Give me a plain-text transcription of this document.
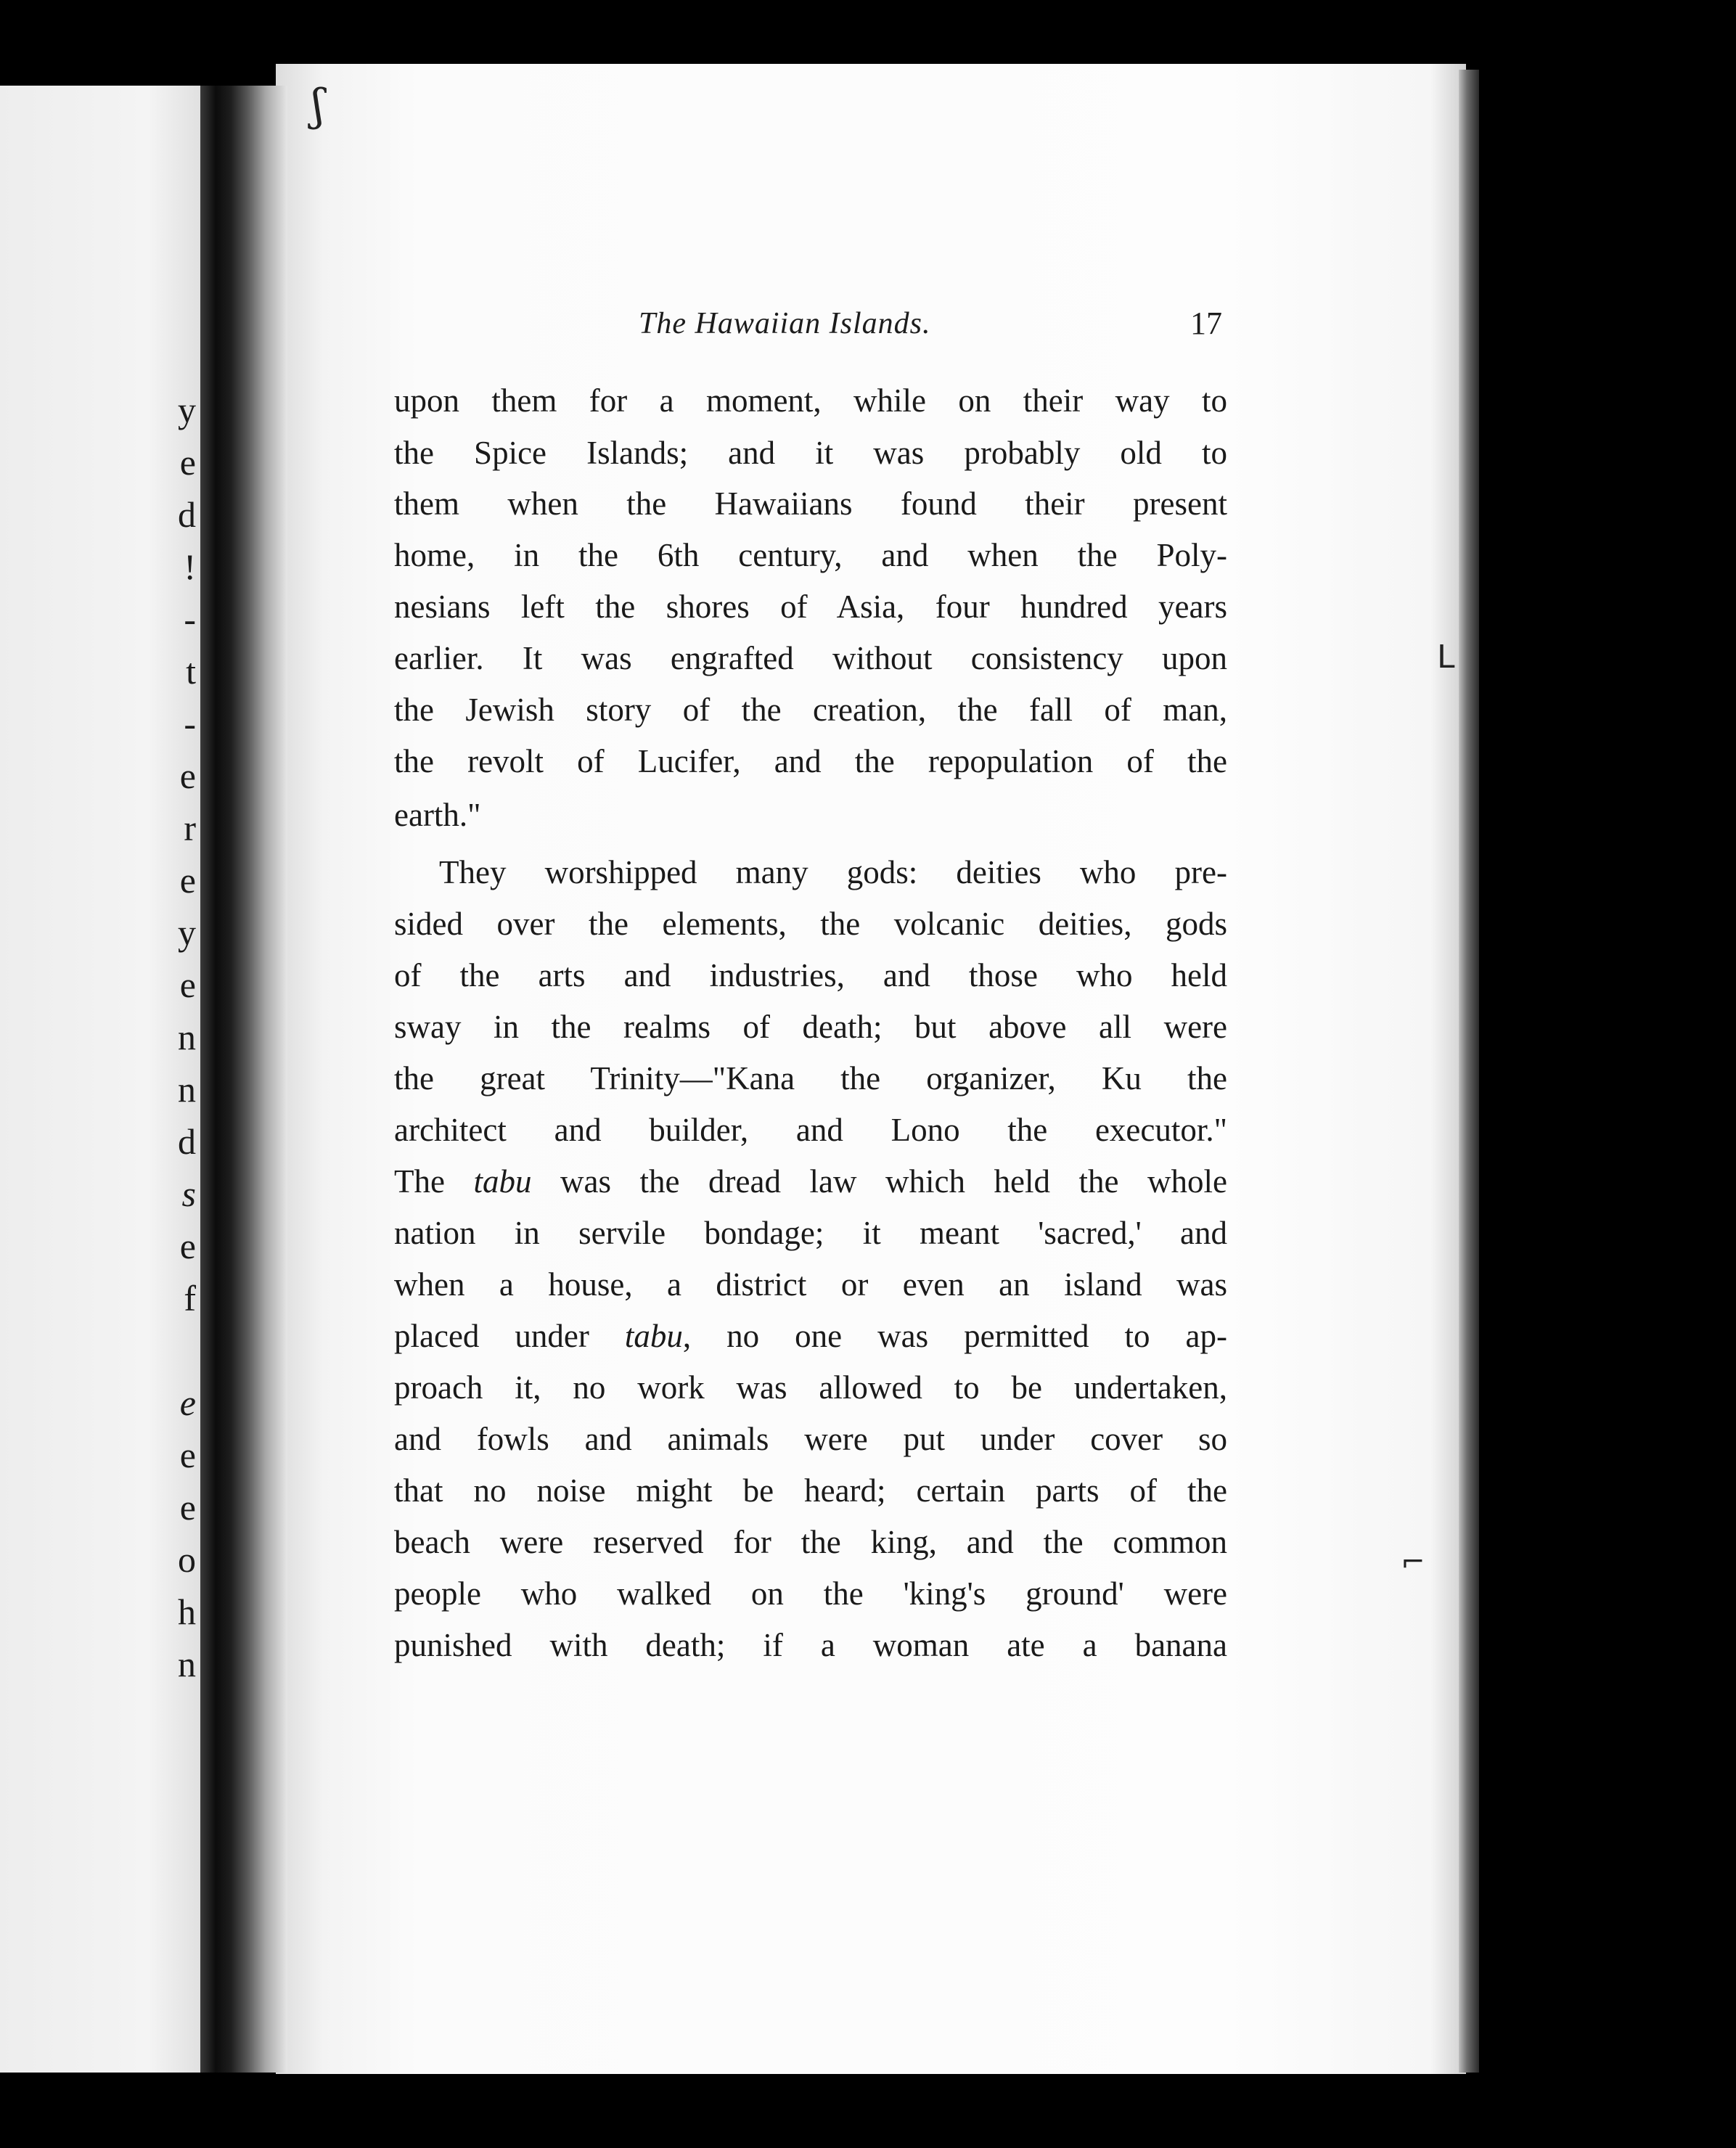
y
e
d
!
-
t
-
e
r
e
y
e
n
n
d
s
e
f
e
e
e
o
h
n
ʃ
ᒪ
⌐
The Hawaiian Islands.	17
upon them for a moment, while on their way to
the Spice Islands; and it was probably old to
them when the Hawaiians found their present
home, in the 6th century, and when the Poly-
nesians left the shores of Asia, four hundred years
earlier. It was engrafted without consistency upon
the Jewish story of the creation, the fall of man,
the revolt of Lucifer, and the repopulation of the
earth."
They worshipped many gods: deities who pre-
sided over the elements, the volcanic deities, gods
of the arts and industries, and those who held
sway in the realms of death; but above all were
the great Trinity—"Kana the organizer, Ku the
architect and builder, and Lono the executor."
The tabu was the dread law which held the whole
nation in servile bondage; it meant 'sacred,' and
when a house, a district or even an island was
placed under tabu, no one was permitted to ap-
proach it, no work was allowed to be undertaken,
and fowls and animals were put under cover so
that no noise might be heard; certain parts of the
beach were reserved for the king, and the common
people who walked on the 'king's ground' were
punished with death; if a woman ate a banana
